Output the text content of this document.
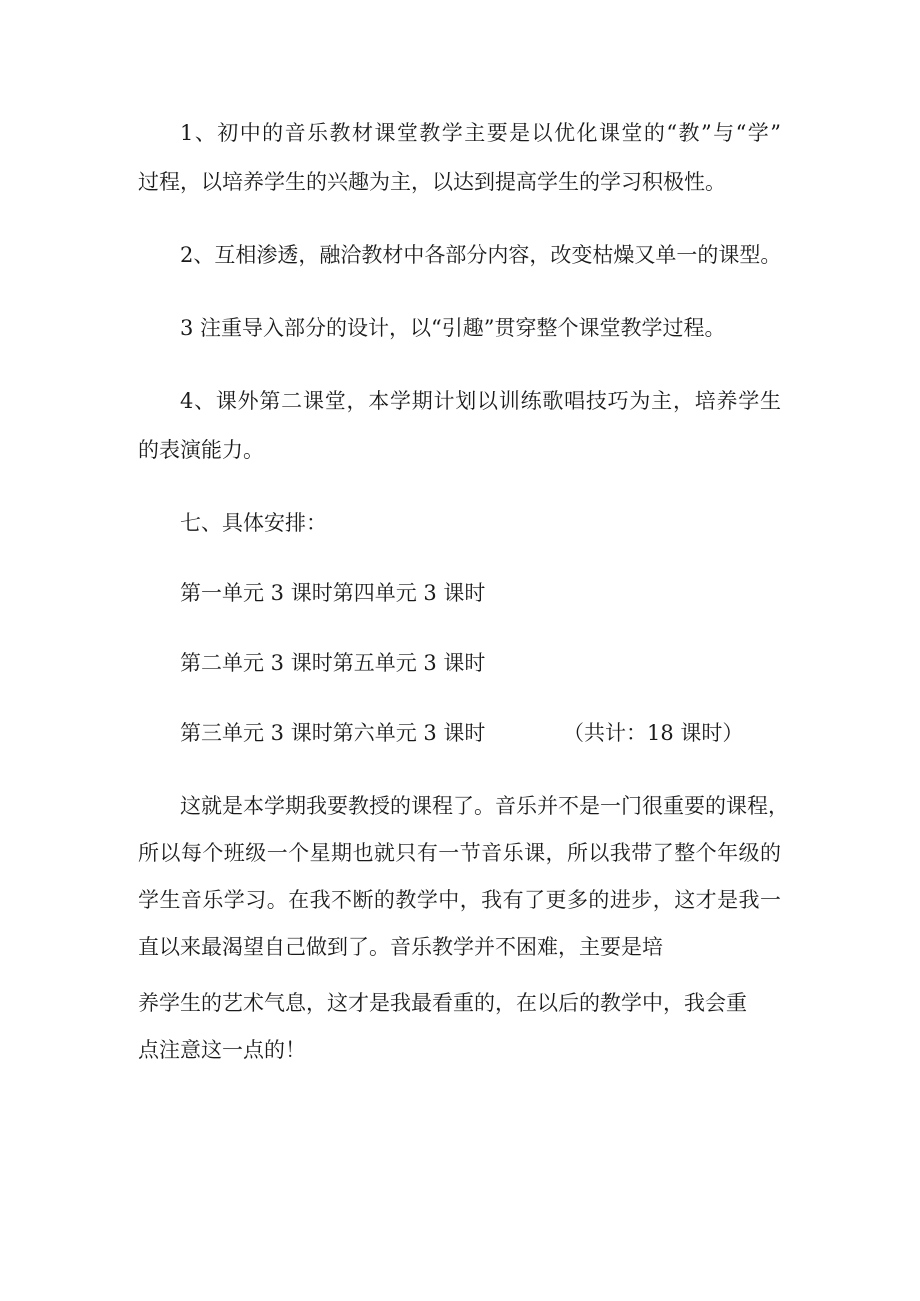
1、初中的音乐教材课堂教学主要是以优化课堂的“教”与“学”
过程，以培养学生的兴趣为主，以达到提高学生的学习积极性。
2、互相渗透，融洽教材中各部分内容，改变枯燥又单一的课型。
3 注重导入部分的设计，以“引趣”贯穿整个课堂教学过程。
4、课外第二课堂，本学期计划以训练歌唱技巧为主，培养学生
的表演能力。
七、具体安排：
第一单元 3 课时第四单元 3 课时
第二单元 3 课时第五单元 3 课时
第三单元 3 课时第六单元 3 课时	（共计：18 课时）
这就是本学期我要教授的课程了。音乐并不是一门很重要的课程，
所以每个班级一个星期也就只有一节音乐课，所以我带了整个年级的
学生音乐学习。在我不断的教学中，我有了更多的进步，这才是我一
直以来最渴望自己做到了。音乐教学并不困难，主要是培
养学生的艺术气息，这才是我最看重的，在以后的教学中，我会重
点注意这一点的！
